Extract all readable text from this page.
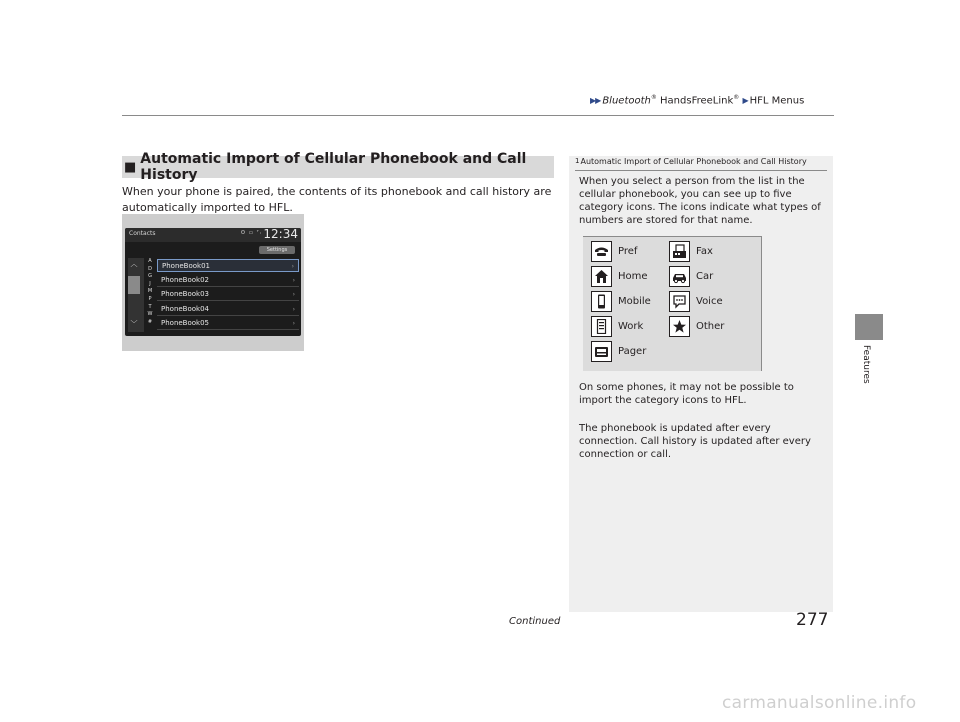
▶▶ Bluetooth® HandsFreeLink® ▶ HFL Menus
Features
■ Automatic Import of Cellular Phonebook and Call History
When your phone is paired, the contents of its phonebook and call history are automatically imported to HFL.
Contacts	ʘ ▭ ᵀₗ 12:34
Settings
︿
﹀
A
D
G
J
M
P
T
W
#
PhoneBook01	›
PhoneBook02	›
PhoneBook03	›
PhoneBook04	›
PhoneBook05	›
1Automatic Import of Cellular Phonebook and Call History
When you select a person from the list in the cellular phonebook, you can see up to five category icons. The icons indicate what types of numbers are stored for that name.
Pref	Fax
Home	Car
Mobile	Voice
Work	Other
Pager
On some phones, it may not be possible to import the category icons to HFL.
The phonebook is updated after every connection. Call history is updated after every connection or call.
Continued	277
carmanualsonline.info
